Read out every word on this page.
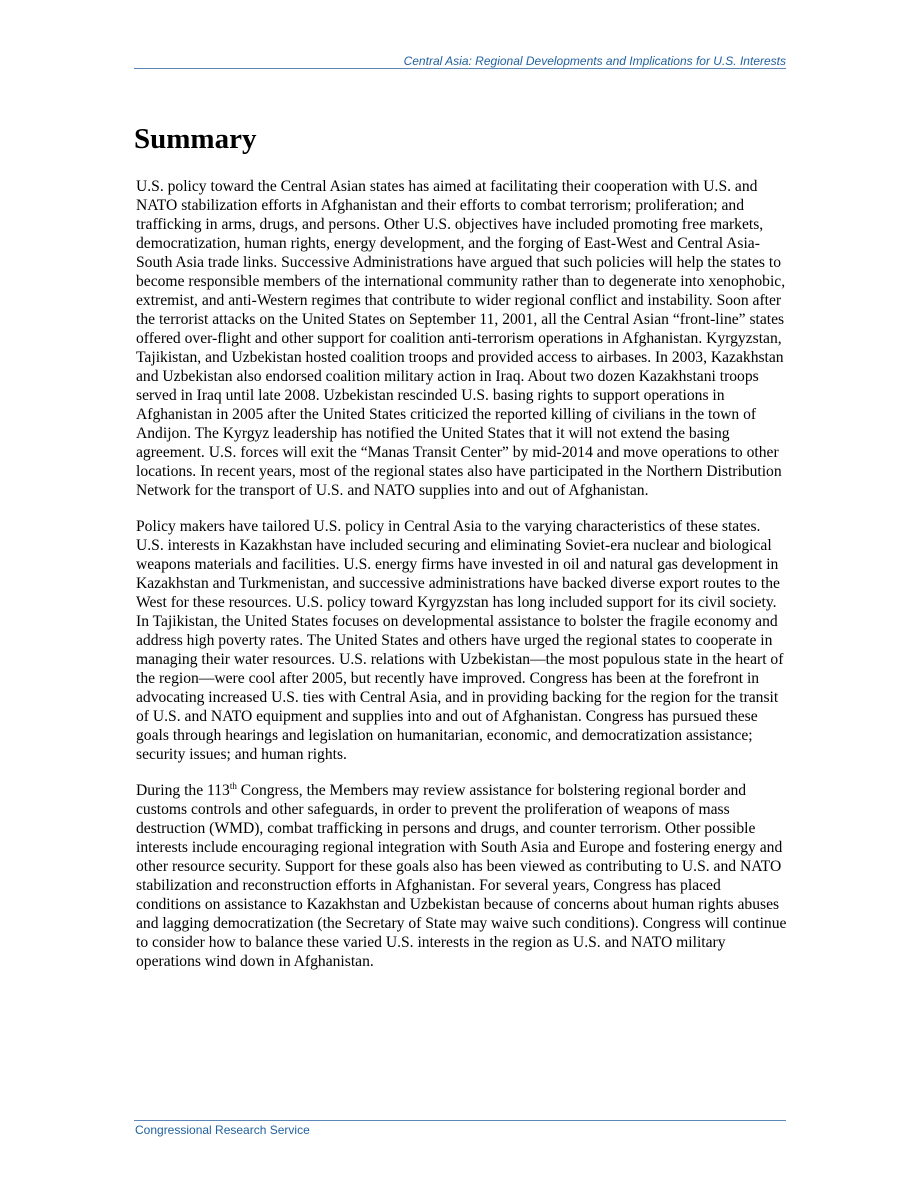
Central Asia: Regional Developments and Implications for U.S. Interests
Summary

U.S. policy toward the Central Asian states has aimed at facilitating their cooperation with U.S. and NATO stabilization efforts in Afghanistan and their efforts to combat terrorism; proliferation; and trafficking in arms, drugs, and persons. Other U.S. objectives have included promoting free markets, democratization, human rights, energy development, and the forging of East-West and Central Asia-South Asia trade links. Successive Administrations have argued that such policies will help the states to become responsible members of the international community rather than to degenerate into xenophobic, extremist, and anti-Western regimes that contribute to wider regional conflict and instability. Soon after the terrorist attacks on the United States on September 11, 2001, all the Central Asian “front-line” states offered over-flight and other support for coalition anti-terrorism operations in Afghanistan. Kyrgyzstan, Tajikistan, and Uzbekistan hosted coalition troops and provided access to airbases. In 2003, Kazakhstan and Uzbekistan also endorsed coalition military action in Iraq. About two dozen Kazakhstani troops served in Iraq until late 2008. Uzbekistan rescinded U.S. basing rights to support operations in Afghanistan in 2005 after the United States criticized the reported killing of civilians in the town of Andijon. The Kyrgyz leadership has notified the United States that it will not extend the basing agreement. U.S. forces will exit the “Manas Transit Center” by mid-2014 and move operations to other locations. In recent years, most of the regional states also have participated in the Northern Distribution Network for the transport of U.S. and NATO supplies into and out of Afghanistan.

Policy makers have tailored U.S. policy in Central Asia to the varying characteristics of these states. U.S. interests in Kazakhstan have included securing and eliminating Soviet-era nuclear and biological weapons materials and facilities. U.S. energy firms have invested in oil and natural gas development in Kazakhstan and Turkmenistan, and successive administrations have backed diverse export routes to the West for these resources. U.S. policy toward Kyrgyzstan has long included support for its civil society. In Tajikistan, the United States focuses on developmental assistance to bolster the fragile economy and address high poverty rates. The United States and others have urged the regional states to cooperate in managing their water resources. U.S. relations with Uzbekistan—the most populous state in the heart of the region—were cool after 2005, but recently have improved. Congress has been at the forefront in advocating increased U.S. ties with Central Asia, and in providing backing for the region for the transit of U.S. and NATO equipment and supplies into and out of Afghanistan. Congress has pursued these goals through hearings and legislation on humanitarian, economic, and democratization assistance; security issues; and human rights.

During the 113th Congress, the Members may review assistance for bolstering regional border and customs controls and other safeguards, in order to prevent the proliferation of weapons of mass destruction (WMD), combat trafficking in persons and drugs, and counter terrorism. Other possible interests include encouraging regional integration with South Asia and Europe and fostering energy and other resource security. Support for these goals also has been viewed as contributing to U.S. and NATO stabilization and reconstruction efforts in Afghanistan. For several years, Congress has placed conditions on assistance to Kazakhstan and Uzbekistan because of concerns about human rights abuses and lagging democratization (the Secretary of State may waive such conditions). Congress will continue to consider how to balance these varied U.S. interests in the region as U.S. and NATO military operations wind down in Afghanistan.

Congressional Research Service
